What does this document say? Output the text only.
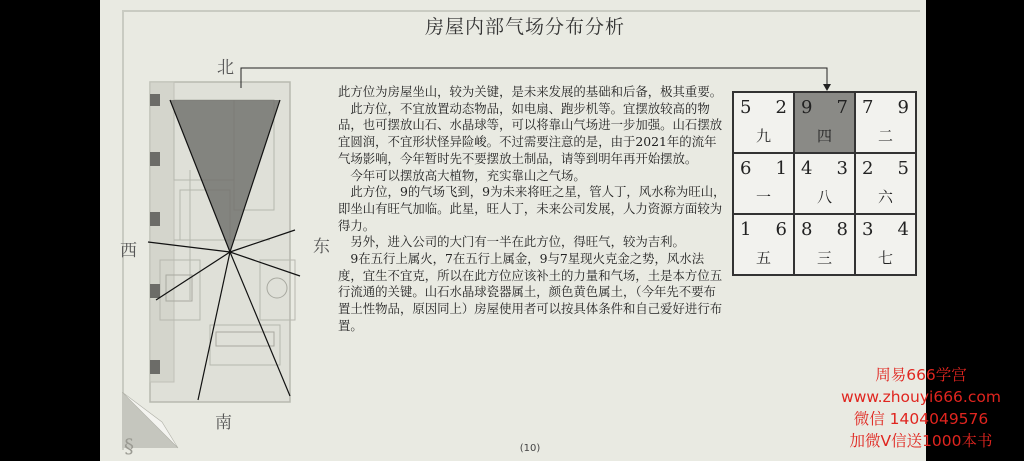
房屋内部气场分布分析
北
西	东
南

此方位为房屋坐山，较为关键，是未来发展的基础和后备，极其重要。

此方位，不宜放置动态物品，如电扇、跑步机等。宜摆放较高的物品，也可摆放山石、水晶球等，可以将靠山气场进一步加强。山石摆放宜圆润，不宜形状怪异险峻。不过需要注意的是，由于2021年的流年气场影响，今年暂时先不要摆放土制品，请等到明年再开始摆放。

今年可以摆放高大植物，充实靠山之气场。

此方位，9的气场飞到，9为未来将旺之星，管人丁，风水称为旺山，即坐山有旺气加临。此星，旺人丁，未来公司发展，人力资源方面较为得力。

另外，进入公司的大门有一半在此方位，得旺气，较为吉利。

9在五行上属火，7在五行上属金，9与7星现火克金之势，风水法度，宜生不宜克，所以在此方位应该补土的力量和气场，土是本方位五行流通的关键。山石水晶球瓷器属土，颜色黄色属土，（今年先不要布置土性物品，原因同上）房屋使用者可以按具体条件和自己爱好进行布置。

5 2
九
9 7
四
7 9
二
6 1
一
4 3
八
2 5
六
1 6
五
8 8
三
3 4
七
(10)
§
周易666学宫
www.zhouyi666.com
微信 1404049576
加微V信送1000本书
